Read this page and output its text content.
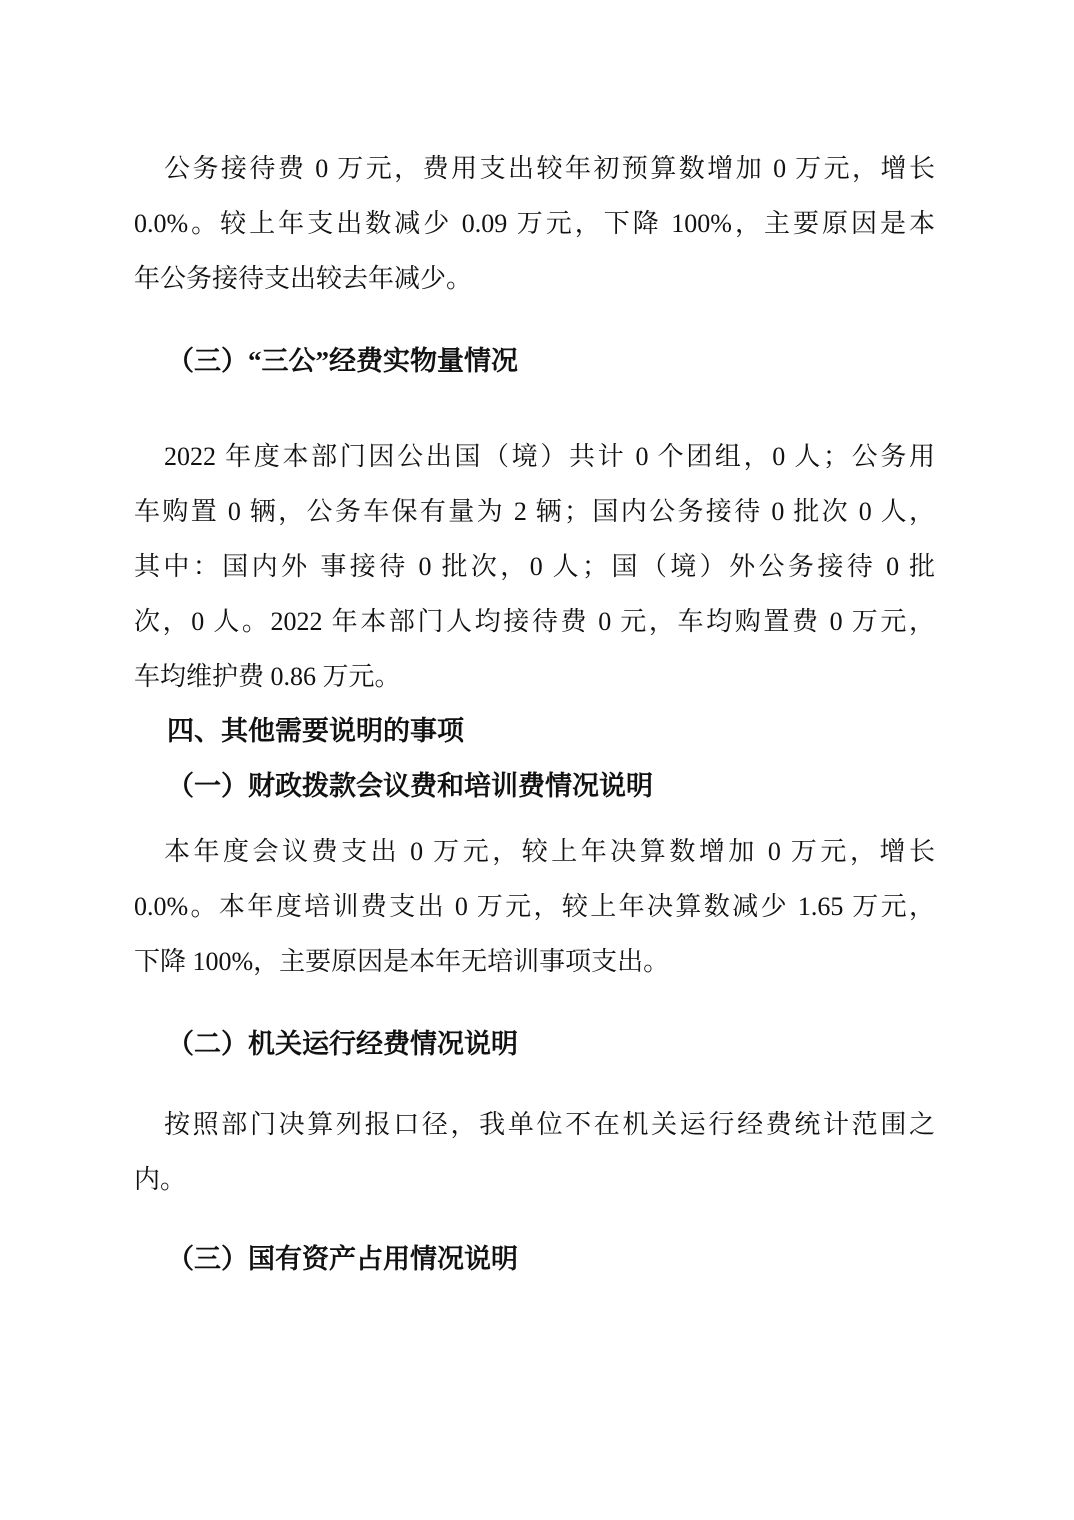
公务接待费 0 万元，费用支出较年初预算数增加 0 万元，增长
0.0%。较上年支出数减少 0.09 万元，下降 100%，主要原因是本
年公务接待支出较去年减少。
（三）“三公”经费实物量情况
2022 年度本部门因公出国（境）共计 0 个团组，0 人；公务用
车购置 0 辆，公务车保有量为 2 辆；国内公务接待 0 批次 0 人，
其中：国内外 事接待 0 批次，0 人；国（境）外公务接待 0 批
次，0 人。2022 年本部门人均接待费 0 元，车均购置费 0 万元，
车均维护费 0.86 万元。
四、其他需要说明的事项
（一）财政拨款会议费和培训费情况说明
本年度会议费支出 0 万元，较上年决算数增加 0 万元，增长
0.0%。本年度培训费支出 0 万元，较上年决算数减少 1.65 万元，
下降 100%，主要原因是本年无培训事项支出。
（二）机关运行经费情况说明
按照部门决算列报口径，我单位不在机关运行经费统计范围之
内。
（三）国有资产占用情况说明
